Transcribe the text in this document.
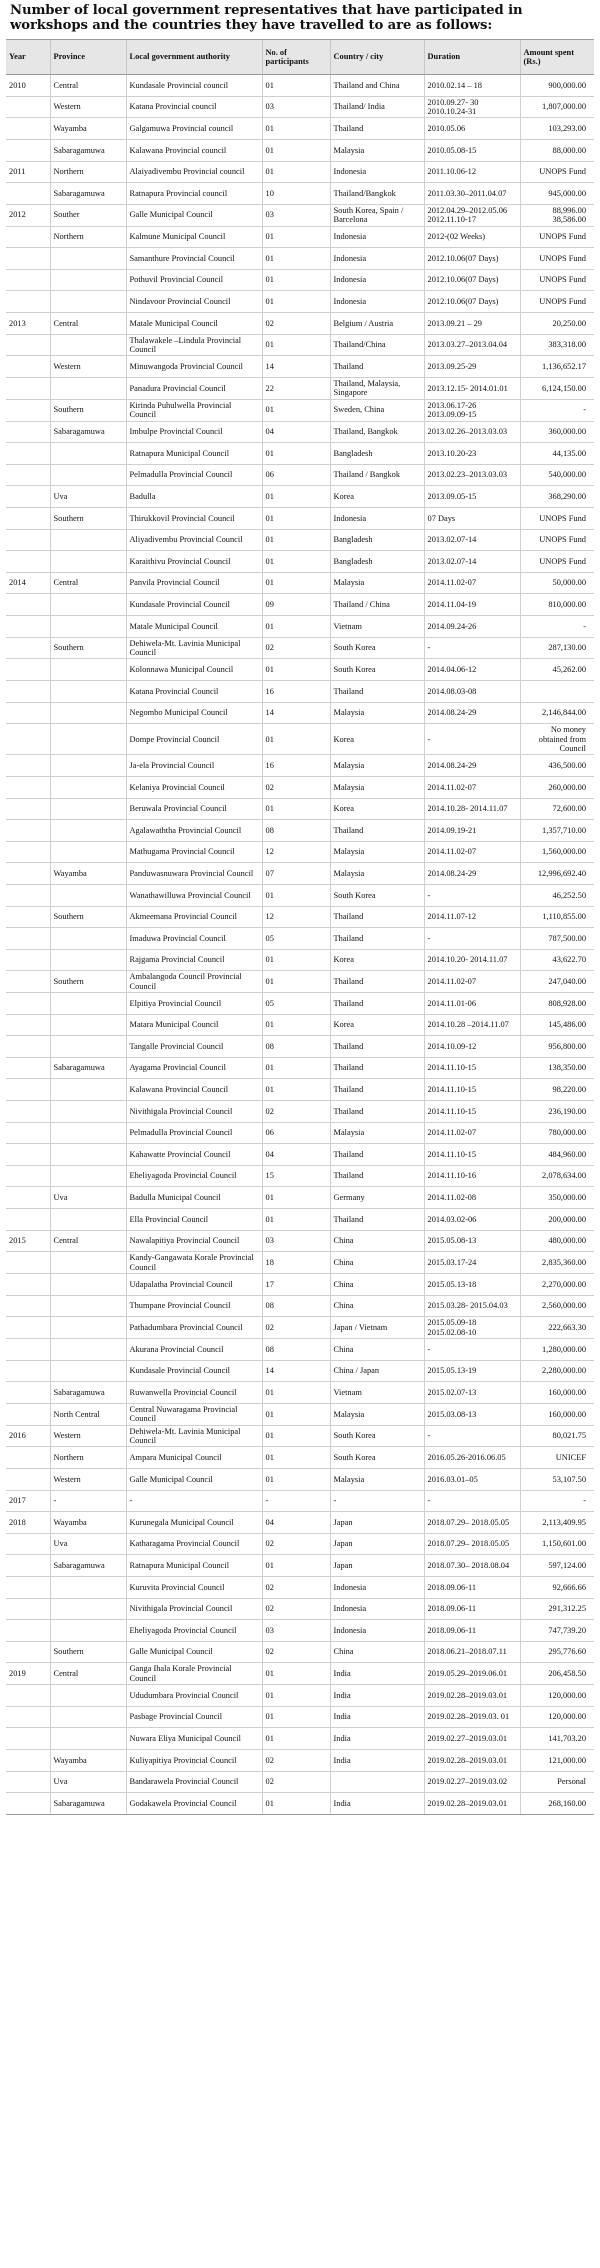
Number of local government representatives that have participated in workshops and the countries they have travelled to are as follows:
Year	Province	Local government authority	No. of participants	Country / city	Duration	Amount spent (Rs.)
2010	Central	Kundasale Provincial council	01	Thailand and China	2010.02.14 – 18	900,000.00
	Western	Katana Provincial council	03	Thailand/ India	2010.09.27- 30 2010.10.24-31	1,807,000.00
	Wayamba	Galgamuwa Provincial council	01	Thailand	2010.05.06	103,293.00
	Sabaragamuwa	Kalawana Provincial council	01	Malaysia	2010.05.08-15	88,000.00
2011	Northern	Alaiyadivembu Provincial council	01	Indonesia	2011.10.06-12	UNOPS Fund
	Sabaragamuwa	Ratnapura Provincial council	10	Thailand/Bangkok	2011.03.30–2011.04.07	945,000.00
2012	Souther	Galle Municipal Council	03	South Korea, Spain / Barcelona	2012.04.29–2012.05.06 2012.11.10-17	88,996.00 38,586.00
	Northern	Kalmune Municipal Council	01	Indonesia	2012-(02 Weeks)	UNOPS Fund
		Samanthure Provincial Council	01	Indonesia	2012.10.06(07 Days)	UNOPS Fund
		Pothuvil Provincial Council	01	Indonesia	2012.10.06(07 Days)	UNOPS Fund
		Nindavoor Provincial Council	01	Indonesia	2012.10.06(07 Days)	UNOPS Fund
2013	Central	Matale Municipal Council	02	Belgium / Austria	2013.09.21 – 29	20,250.00
		Thalawakele –Lindula Provincial Council	01	Thailand/China	2013.03.27–2013.04.04	383,318.00
	Western	Minuwangoda Provincial Council	14	Thailand	2013.09.25-29	1,136,652.17
		Panadura Provincial Council	22	Thailand, Malaysia, Singapore	2013.12.15- 2014.01.01	6,124,150.00
	Southern	Kirinda Puhulwella Provincial Council	01	Sweden, China	2013.06.17-26 2013.09.09-15	-
	Sabaragamuwa	Imbulpe Provincial Council	04	Thailand, Bangkok	2013.02.26–2013.03.03	360,000.00
		Ratnapura Municipal Council	01	Bangladesh	2013.10.20-23	44,135.00
		Pelmadulla Provincial Council	06	Thailand / Bangkok	2013.02.23–2013.03.03	540,000.00
	Uva	Badulla	01	Korea	2013.09.05-15	368,290.00
	Southern	Thirukkovil Provincial Council	01	Indonesia	07 Days	UNOPS Fund
		Aliyadivembu Provincial Council	01	Bangladesh	2013.02.07-14	UNOPS Fund
		Karaithivu Provincial Council	01	Bangladesh	2013.02.07-14	UNOPS Fund
2014	Central	Panvila Provincial Council	01	Malaysia	2014.11.02-07	50,000.00
		Kundasale Provincial Council	09	Thailand / China	2014.11.04-19	810,000.00
		Matale Municipal Council	01	Vietnam	2014.09.24-26	-
	Southern	Dehiwela-Mt. Lavinia Municipal Council	02	South Korea	-	287,130.00
		Kolonnawa Municipal Council	01	South Korea	2014.04.06-12	45,262.00
		Katana Provincial Council	16	Thailand	2014.08.03-08	
		Negombo Municipal Council	14	Malaysia	2014.08.24-29	2,146,844.00
		Dompe Provincial Council	01	Korea	-	No money obtained from Council
		Ja-ela Provincial Council	16	Malaysia	2014.08.24-29	436,500.00
		Kelaniya Provincial Council	02	Malaysia	2014.11.02-07	260,000.00
		Beruwala Provincial Council	01	Korea	2014.10.28- 2014.11.07	72,600.00
		Agalawaththa Provincial Council	08	Thailand	2014.09.19-21	1,357,710.00
		Mathugama Provincial Council	12	Malaysia	2014.11.02-07	1,560,000.00
	Wayamba	Panduwasnuwara Provincial Council	07	Malaysia	2014.08.24-29	12,996,692.40
		Wanathawilluwa Provincial Council	01	South Korea	-	46,252.50
	Southern	Akmeemana Provincial Council	12	Thailand	2014.11.07-12	1,110,855.00
		Imaduwa Provincial Council	05	Thailand	-	787,500.00
		Rajgama Provincial Council	01	Korea	2014.10.20- 2014.11.07	43,622.70
	Southern	Ambalangoda Council Provincial Council	01	Thailand	2014.11.02-07	247,040.00
		Elpitiya Provincial Council	05	Thailand	2014.11.01-06	808,928.00
		Matara Municipal Council	01	Korea	2014.10.28 –2014.11.07	145,486.00
		Tangalle Provincial Council	08	Thailand	2014.10.09-12	956,800.00
	Sabaragamuwa	Ayagama Provincial Council	01	Thailand	2014.11.10-15	138,350.00
		Kalawana Provincial Council	01	Thailand	2014.11.10-15	98,220.00
		Nivithigala Provincial Council	02	Thailand	2014.11.10-15	236,190.00
		Pelmadulla Provincial Council	06	Malaysia	2014.11.02-07	780,000.00
		Kahawatte Provincial Council	04	Thailand	2014.11.10-15	484,960.00
		Eheliyagoda Provincial Council	15	Thailand	2014.11.10-16	2,078,634.00
	Uva	Badulla Municipal Council	01	Germany	2014.11.02-08	350,000.00
		Ella Provincial Council	01	Thailand	2014.03.02-06	200,000.00
2015	Central	Nawalapitiya Provincial Council	03	China	2015.05.08-13	480,000.00
		Kandy-Gangawata Korale Provincial Council	18	China	2015.03.17-24	2,835,360.00
		Udapalatha Provincial Council	17	China	2015.05.13-18	2,270,000.00
		Thumpane Provincial Council	08	China	2015.03.28- 2015.04.03	2,560,000.00
		Pathadumbara Provincial Council	02	Japan / Vietnam	2015.05.09-18 2015.02.08-10	222,663.30
		Akurana Provincial Council	08	China	-	1,280,000.00
		Kundasale Provincial Council	14	China / Japan	2015.05.13-19	2,280,000.00
	Sabaragamuwa	Ruwanwella Provincial Council	01	Vietnam	2015.02.07-13	160,000.00
	North Central	Central Nuwaragama Provincial Council	01	Malaysia	2015.03.08-13	160,000.00
2016	Western	Dehiwela-Mt. Lavinia Municipal Council	01	South Korea	-	80,021.75
	Northern	Ampara Municipal Council	01	South Korea	2016.05.26-2016.06.05	UNICEF
	Western	Galle Municipal Council	01	Malaysia	2016.03.01–05	53,107.50
2017	-	-	-	-	-	-
2018	Wayamba	Kurunegala Municipal Council	04	Japan	2018.07.29– 2018.05.05	2,113,409.95
	Uva	Katharagama Provincial Council	02	Japan	2018.07.29– 2018.05.05	1,150,601.00
	Sabaragamuwa	Ratnapura Municipal Council	01	Japan	2018.07.30– 2018.08.04	597,124.00
		Kuruvita Provincial Council	02	Indonesia	2018.09.06-11	92,666.66
		Nivithigala Provincial Council	02	Indonesia	2018.09.06-11	291,312.25
		Eheliyagoda Provincial Council	03	Indonesia	2018.09.06-11	747,739.20
	Southern	Galle Municipal Council	02	China	2018.06.21–2018.07.11	295,776.60
2019	Central	Ganga Ihala Korale Provincial Council	01	India	2019.05.29–2019.06.01	206,458.50
		Ududumbara Provincial Council	01	India	2019.02.28–2019.03.01	120,000.00
		Pasbage Provincial Council	01	India	2019.02.28–2019.03. 01	120,000.00
		Nuwara Eliya Municipal Council	01	India	2019.02.27–2019.03.01	141,703.20
	Wayamba	Kuliyapitiya Provincial Council	02	India	2019.02.28–2019.03.01	121,000.00
	Uva	Bandarawela Provincial Council	02		2019.02.27–2019.03.02	Personal
	Sabaragamuwa	Godakawela Provincial Council	01	India	2019.02.28–2019.03.01	268,160.00
